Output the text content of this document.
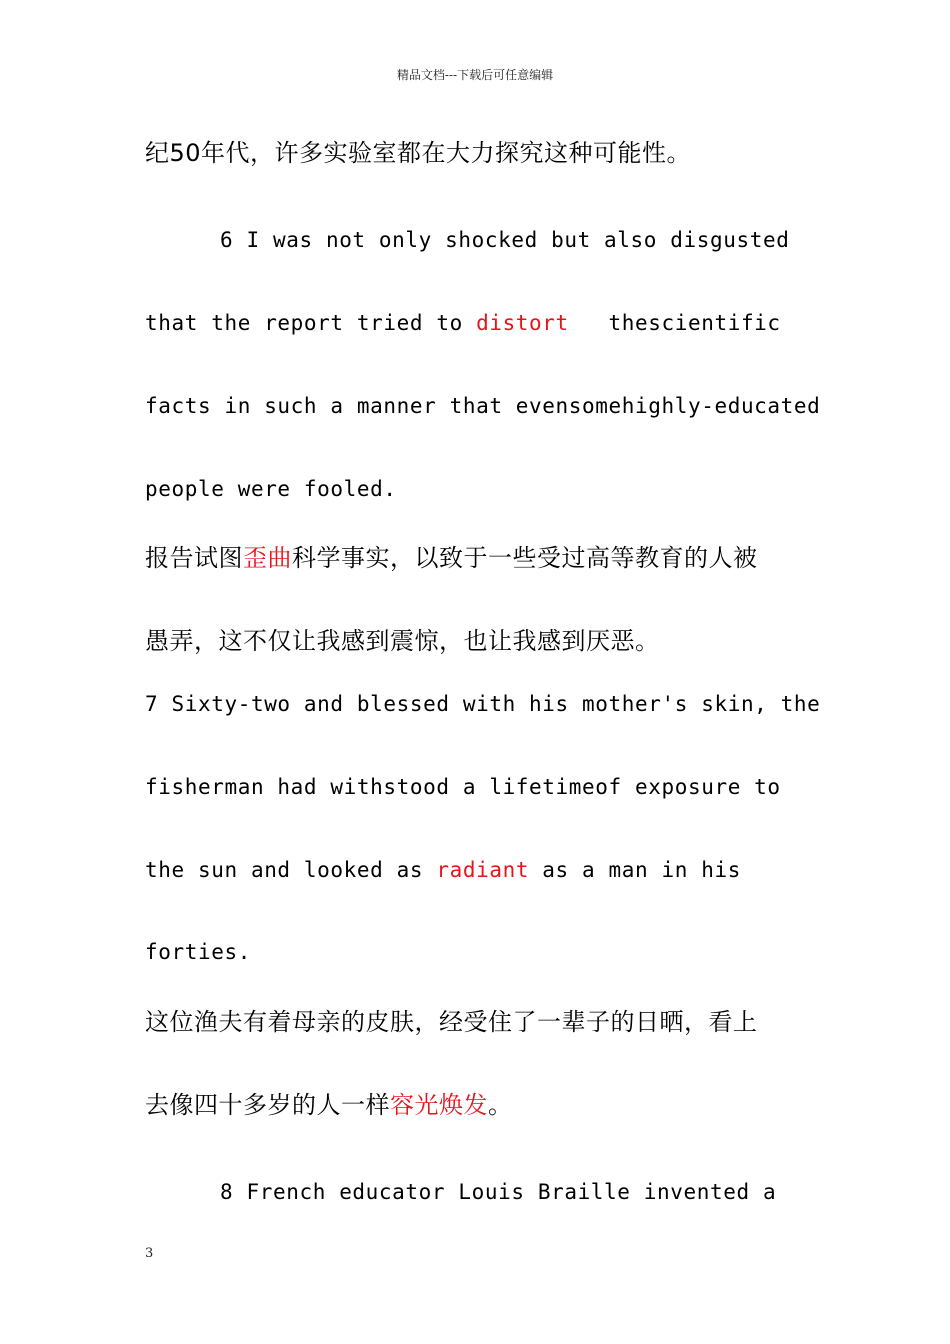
精品文档---下载后可任意编辑
纪50年代，许多实验室都在大力探究这种可能性。
6 I was not only shocked but also disgusted
that the report tried to distort   thescientific
facts in such a manner that evensomehighly-educated
people were fooled.
报告试图歪曲科学事实，以致于一些受过高等教育的人被
愚弄，这不仅让我感到震惊，也让我感到厌恶。
7 Sixty-two and blessed with his mother's skin, the
fisherman had withstood a lifetimeof exposure to
the sun and looked as radiant as a man in his
forties.
这位渔夫有着母亲的皮肤，经受住了一辈子的日晒，看上
去像四十多岁的人一样容光焕发。
8 French educator Louis Braille invented a
3
